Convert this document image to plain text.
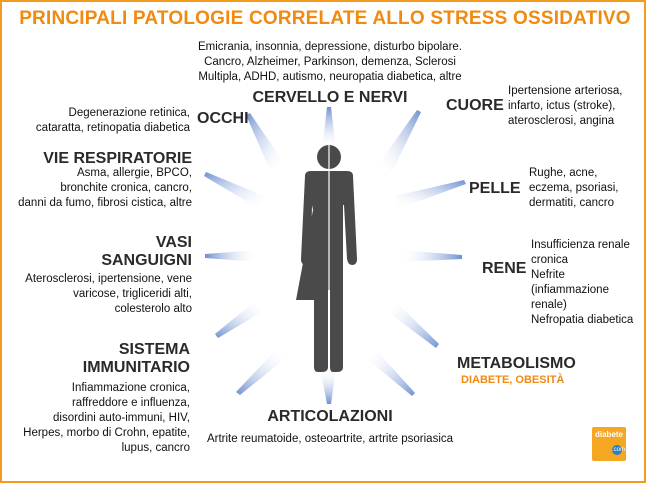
PRINCIPALI PATOLOGIE CORRELATE ALLO STRESS OSSIDATIVO
Emicrania, insonnia, depressione, disturbo bipolare.
Cancro, Alzheimer, Parkinson, demenza, Sclerosi
Multipla, ADHD, autismo, neuropatia diabetica, altre
CERVELLO E NERVI
Degenerazione retinica,
cataratta, retinopatia diabetica
OCCHI
CUORE
Ipertensione arteriosa,
infarto, ictus (stroke),
aterosclerosi, angina
VIE RESPIRATORIE
Asma, allergie, BPCO,
bronchite cronica, cancro,
danni da fumo, fibrosi cistica, altre
PELLE
Rughe, acne,
eczema, psoriasi,
dermatiti, cancro
VASI
SANGUIGNI
Aterosclerosi, ipertensione, vene
varicose, trigliceridi alti,
colesterolo alto
RENE
Insufficienza renale
cronica
Nefrite
(infiammazione
renale)
Nefropatia diabetica
SISTEMA
IMMUNITARIO
Infiammazione cronica,
raffreddore e influenza,
disordini auto-immuni, HIV,
Herpes, morbo di Crohn, epatite,
lupus, cancro
METABOLISMO
DIABETE, OBESITÀ
ARTICOLAZIONI
Artrite reumatoide, osteoartrite, artrite psoriasica	diabete
.com
